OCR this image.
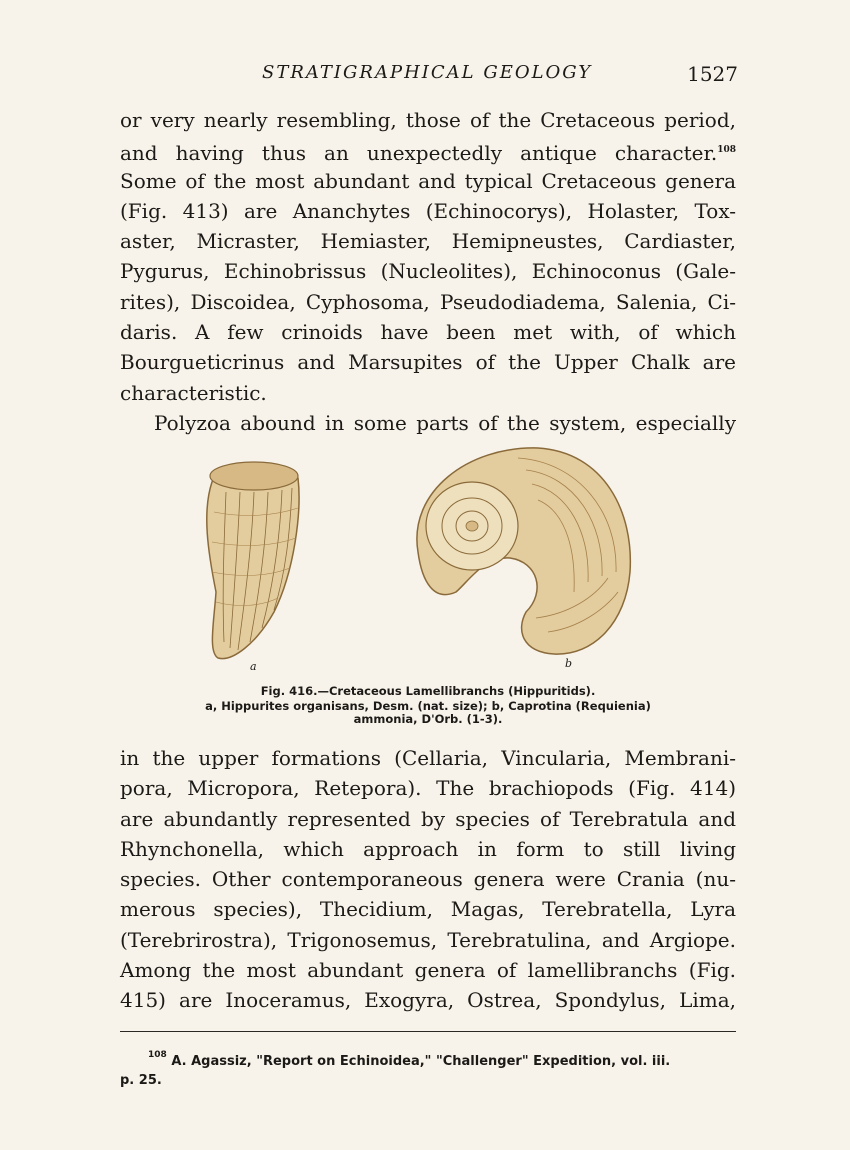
STRATIGRAPHICAL GEOLOGY	1527
or very nearly resembling, those of the Cretaceous period,
and having thus an unexpectedly antique character.$^{108}$
Some of the most abundant and typical Cretaceous genera
(Fig. 413) are Ananchytes (Echinocorys), Holaster, Tox-
aster, Micraster, Hemiaster, Hemipneustes, Cardiaster,
Pygurus, Echinobrissus (Nucleolites), Echinoconus (Gale-
rites), Discoidea, Cyphosoma, Pseudodiadema, Salenia, Ci-
daris. A few crinoids have been met with, of which
Bourgueticrinus and Marsupites of the Upper Chalk are
characteristic.
Polyzoa abound in some parts of the system, especially
a	b
Fig. 416.—Cretaceous Lamellibranchs (Hippuritids).
a, Hippurites organisans, Desm. (nat. size); b, Caprotina (Requienia)
ammonia, D'Orb. (1-3).
in the upper formations (Cellaria, Vincularia, Membrani-
pora, Micropora, Retepora). The brachiopods (Fig. 414)
are abundantly represented by species of Terebratula and
Rhynchonella, which approach in form to still living
species. Other contemporaneous genera were Crania (nu-
merous species), Thecidium, Magas, Terebratella, Lyra
(Terebrirostra), Trigonosemus, Terebratulina, and Argiope.
Among the most abundant genera of lamellibranchs (Fig.
415) are Inoceramus, Exogyra, Ostrea, Spondylus, Lima,
$^{108}$ A. Agassiz, "Report on Echinoidea," "Challenger" Expedition, vol. iii.
p. 25.
